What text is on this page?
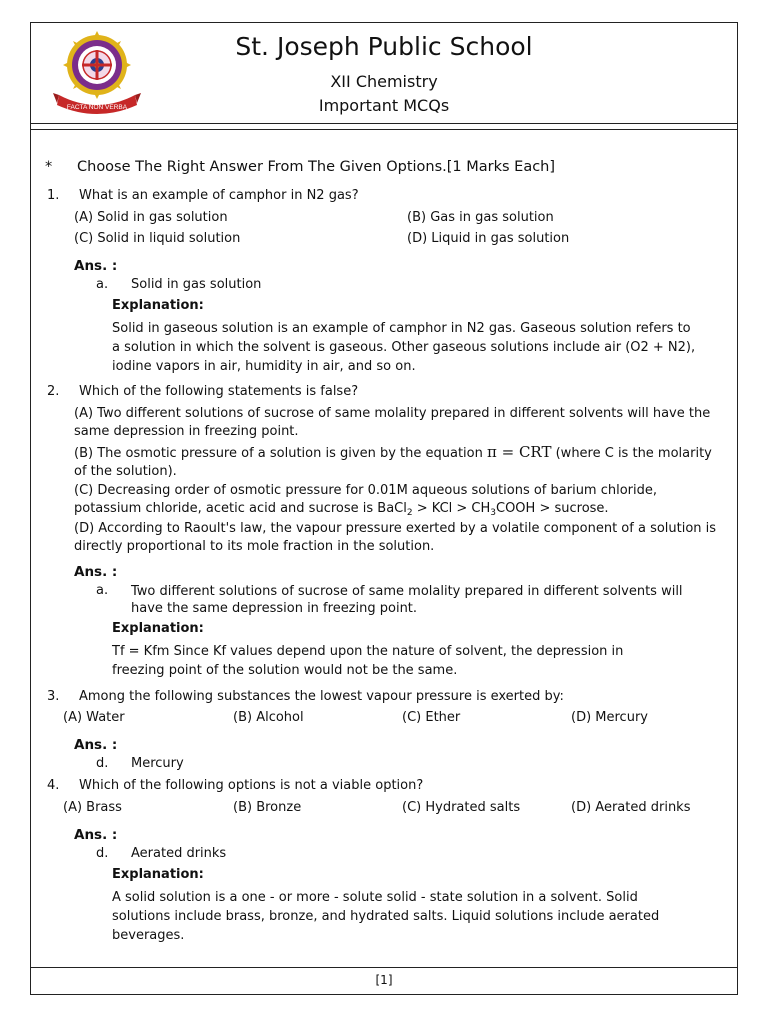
FACTA NON VERBA
St. Joseph Public School
XII Chemistry
Important MCQs
* Choose The Right Answer From The Given Options.[1 Marks Each]
1. What is an example of camphor in N2 gas?
(A) Solid in gas solution	(B) Gas in gas solution
(C) Solid in liquid solution	(D) Liquid in gas solution
Ans. :
a. Solid in gas solution
Explanation:
Solid in gaseous solution is an example of camphor in N2 gas. Gaseous solution refers to a solution in which the solvent is gaseous. Other gaseous solutions include air (O2 + N2), iodine vapors in air, humidity in air, and so on.
2. Which of the following statements is false?
(A) Two different solutions of sucrose of same molality prepared in different solvents will have the same depression in freezing point.
(B) The osmotic pressure of a solution is given by the equation π = CRT (where C is the molarity of the solution).
(C) Decreasing order of osmotic pressure for 0.01M aqueous solutions of barium chloride, potassium chloride, acetic acid and sucrose is BaCl$_2$ > KCl > $CH_3COOH$ > sucrose.
(D) According to Raoult's law, the vapour pressure exerted by a volatile component of a solution is directly proportional to its mole fraction in the solution.
Ans. :
a. Two different solutions of sucrose of same molality prepared in different solvents will have the same depression in freezing point.
Explanation:
Tf = Kfm Since Kf values depend upon the nature of solvent, the depression in freezing point of the solution would not be the same.
3. Among the following substances the lowest vapour pressure is exerted by:
(A) Water	(B) Alcohol	(C) Ether	(D) Mercury
Ans. :
d. Mercury
4. Which of the following options is not a viable option?
(A) Brass	(B) Bronze	(C) Hydrated salts	(D) Aerated drinks
Ans. :
d. Aerated drinks
Explanation:
A solid solution is a one - or more - solute solid - state solution in a solvent. Solid solutions include brass, bronze, and hydrated salts. Liquid solutions include aerated beverages.
[1]
